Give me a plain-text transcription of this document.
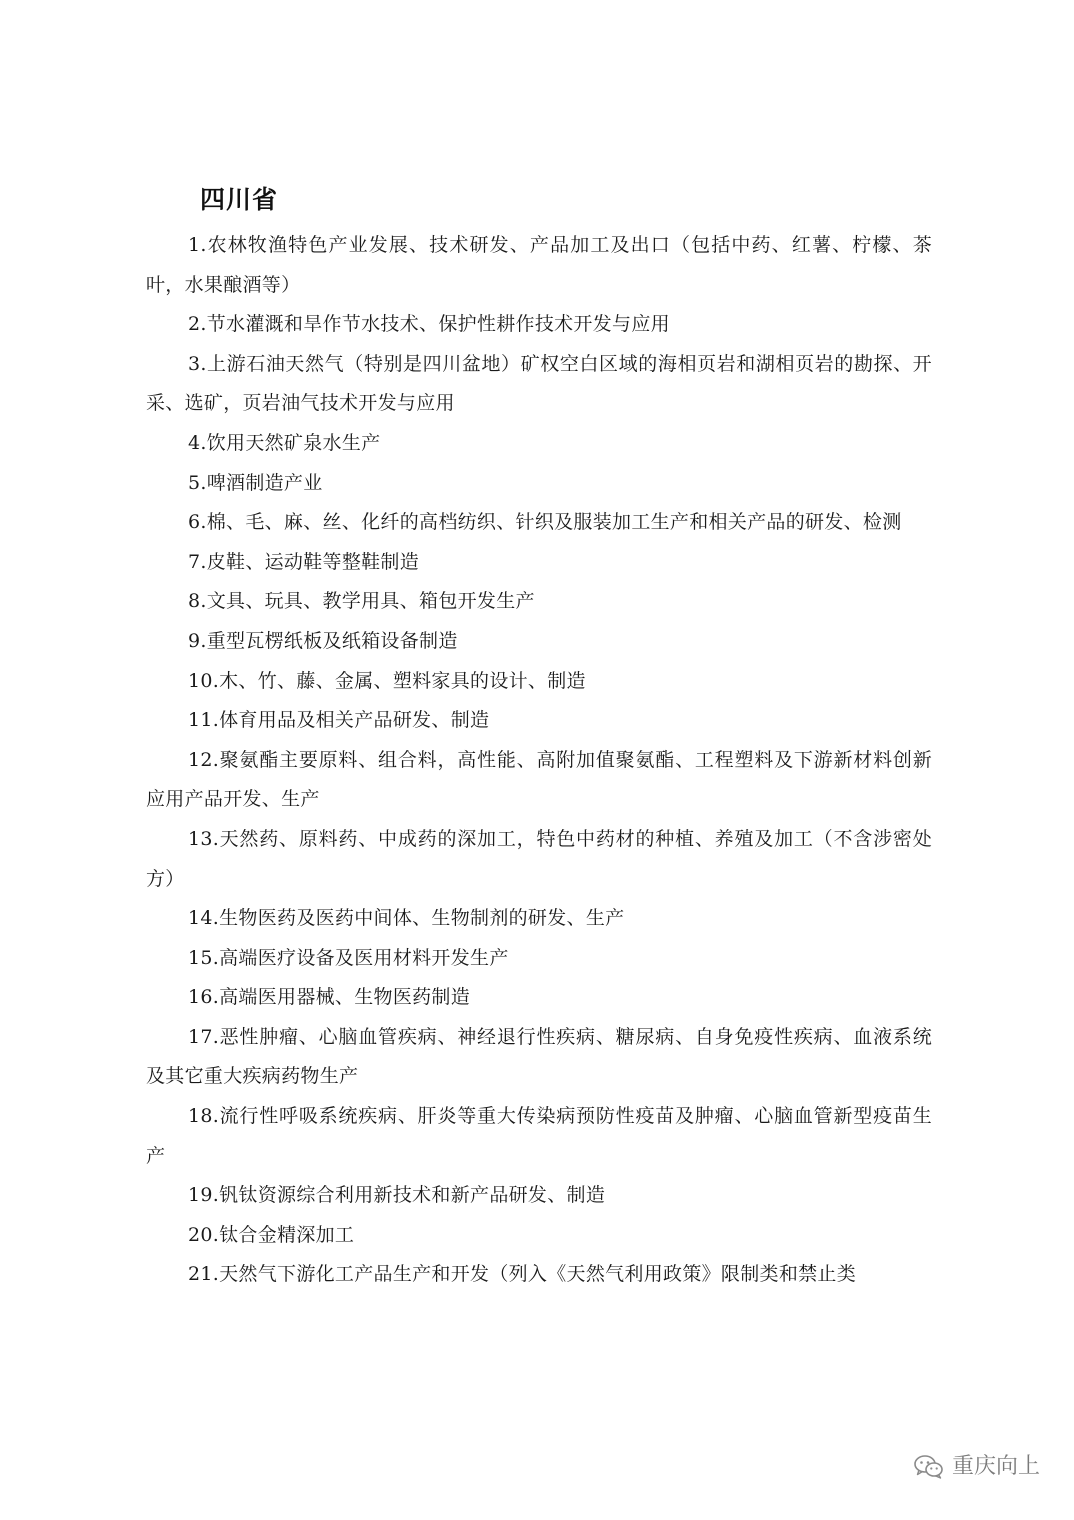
四川省
1.农林牧渔特色产业发展、技术研发、产品加工及出口（包括中药、红薯、柠檬、茶叶，水果酿酒等）
2.节水灌溉和旱作节水技术、保护性耕作技术开发与应用
3.上游石油天然气（特别是四川盆地）矿权空白区域的海相页岩和湖相页岩的勘探、开采、选矿，页岩油气技术开发与应用
4.饮用天然矿泉水生产
5.啤酒制造产业
6.棉、毛、麻、丝、化纤的高档纺织、针织及服装加工生产和相关产品的研发、检测
7.皮鞋、运动鞋等整鞋制造
8.文具、玩具、教学用具、箱包开发生产
9.重型瓦楞纸板及纸箱设备制造
10.木、竹、藤、金属、塑料家具的设计、制造
11.体育用品及相关产品研发、制造
12.聚氨酯主要原料、组合料，高性能、高附加值聚氨酯、工程塑料及下游新材料创新应用产品开发、生产
13.天然药、原料药、中成药的深加工，特色中药材的种植、养殖及加工（不含涉密处方）
14.生物医药及医药中间体、生物制剂的研发、生产
15.高端医疗设备及医用材料开发生产
16.高端医用器械、生物医药制造
17.恶性肿瘤、心脑血管疾病、神经退行性疾病、糖尿病、自身免疫性疾病、血液系统及其它重大疾病药物生产
18.流行性呼吸系统疾病、肝炎等重大传染病预防性疫苗及肿瘤、心脑血管新型疫苗生产
19.钒钛资源综合利用新技术和新产品研发、制造
20.钛合金精深加工
21.天然气下游化工产品生产和开发（列入《天然气利用政策》限制类和禁止类
重庆向上
